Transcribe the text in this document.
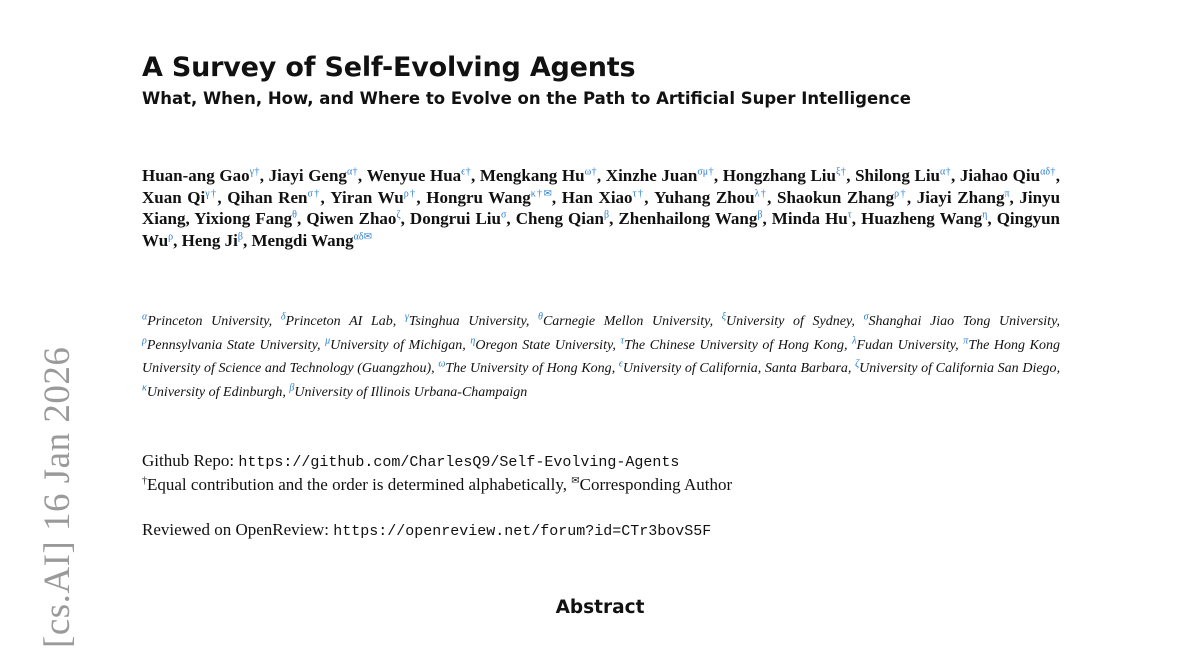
[cs.AI] 16 Jan 2026
A Survey of Self-Evolving Agents
What, When, How, and Where to Evolve on the Path to Artificial Super Intelligence
Huan-ang Gao$^{\gamma\dagger}$, Jiayi Geng$^{\alpha\dagger}$, Wenyue Hua$^{\epsilon\dagger}$, Mengkang $Hu^{\omega\dagger}$, Xinzhe Juan$^{\sigma\mu\dagger}$, Hongzhang Liu$^{\xi\dagger}$, Shilong Liu$^{\alpha\dagger}$, Jiahao Qiu$^{\alpha\delta\dagger}$, Xuan $Qi^{\gamma\dagger}$, Qihan Ren$^{\sigma\dagger}$, Yiran $Wu^{\rho\dagger}$, Hongru Wang$^{\kappa\dagger✉}$, Han Xiao$^{\tau\dagger}$, Yuhang Zhou$^{\lambda\dagger}$, Shaokun Zhang$^{\rho\dagger}$, Jiayi Zhang$^\pi$, Jinyu Xiang, Yixiong Fang$^\theta$, Qiwen Zhao$^\zeta$, Dongrui Liu$^\sigma$, Cheng Qian$^\beta$, Zhenhailong Wang$^\beta$, Minda $Hu^\tau$, Huazheng Wang$^\eta$, Qingyun $Wu^\rho$, Heng $Ji^\beta$, Mengdi Wang$^{\alpha\delta✉}$
$^\alpha$Princeton University, $^\delta$Princeton AI Lab, $^\gamma$Tsinghua University, $^\theta$Carnegie Mellon University, $^\xi$University of Sydney, $^\sigma$Shanghai Jiao Tong University, $^\rho$Pennsylvania State University, $^\mu$University of Michigan, $^\eta$Oregon State University, $^\tau$The Chinese University of Hong Kong, $^\lambda$Fudan University, $^\pi$The Hong Kong University of Science and Technology (Guangzhou), $^\omega$The University of Hong Kong, $^\epsilon$University of California, Santa Barbara, $^\zeta$University of California San Diego, $^\kappa$University of Edinburgh, $^\beta$University of Illinois Urbana-Champaign
Github Repo: https://github.com/CharlesQ9/Self-Evolving-Agents
†Equal contribution and the order is determined alphabetically, ✉Corresponding Author
Reviewed on OpenReview: https://openreview.net/forum?id=CTr3bovS5F
Abstract
